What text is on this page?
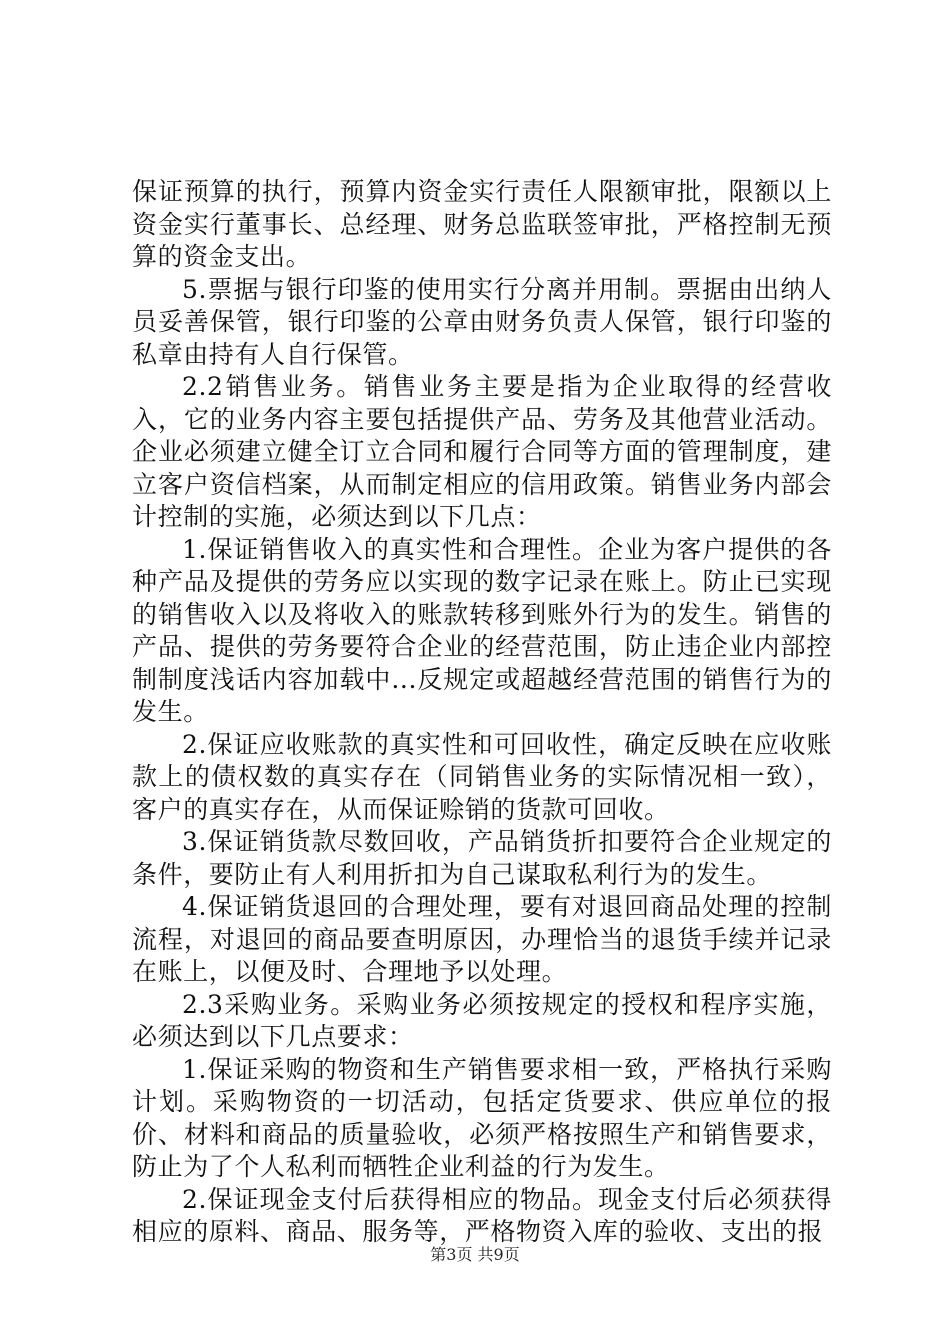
保证预算的执行，预算内资金实行责任人限额审批，限额以上资金实行董事长、总经理、财务总监联签审批，严格控制无预算的资金支出。

5.票据与银行印鉴的使用实行分离并用制。票据由出纳人员妥善保管，银行印鉴的公章由财务负责人保管，银行印鉴的私章由持有人自行保管。

2.2销售业务。销售业务主要是指为企业取得的经营收入，它的业务内容主要包括提供产品、劳务及其他营业活动。企业必须建立健全订立合同和履行合同等方面的管理制度，建立客户资信档案，从而制定相应的信用政策。销售业务内部会计控制的实施，必须达到以下几点：

1.保证销售收入的真实性和合理性。企业为客户提供的各种产品及提供的劳务应以实现的数字记录在账上。防止已实现的销售收入以及将收入的账款转移到账外行为的发生。销售的产品、提供的劳务要符合企业的经营范围，防止违企业内部控制制度浅话内容加载中...反规定或超越经营范围的销售行为的发生。

2.保证应收账款的真实性和可回收性，确定反映在应收账款上的债权数的真实存在（同销售业务的实际情况相一致），客户的真实存在，从而保证赊销的货款可回收。

3.保证销货款尽数回收，产品销货折扣要符合企业规定的条件，要防止有人利用折扣为自己谋取私利行为的发生。

4.保证销货退回的合理处理，要有对退回商品处理的控制流程，对退回的商品要查明原因，办理恰当的退货手续并记录在账上，以便及时、合理地予以处理。

2.3采购业务。采购业务必须按规定的授权和程序实施，必须达到以下几点要求：

1.保证采购的物资和生产销售要求相一致，严格执行采购计划。采购物资的一切活动，包括定货要求、供应单位的报价、材料和商品的质量验收，必须严格按照生产和销售要求，防止为了个人私利而牺牲企业利益的行为发生。

2.保证现金支付后获得相应的物品。现金支付后必须获得相应的原料、商品、服务等，严格物资入库的验收、支出的报

第3页 共9页
